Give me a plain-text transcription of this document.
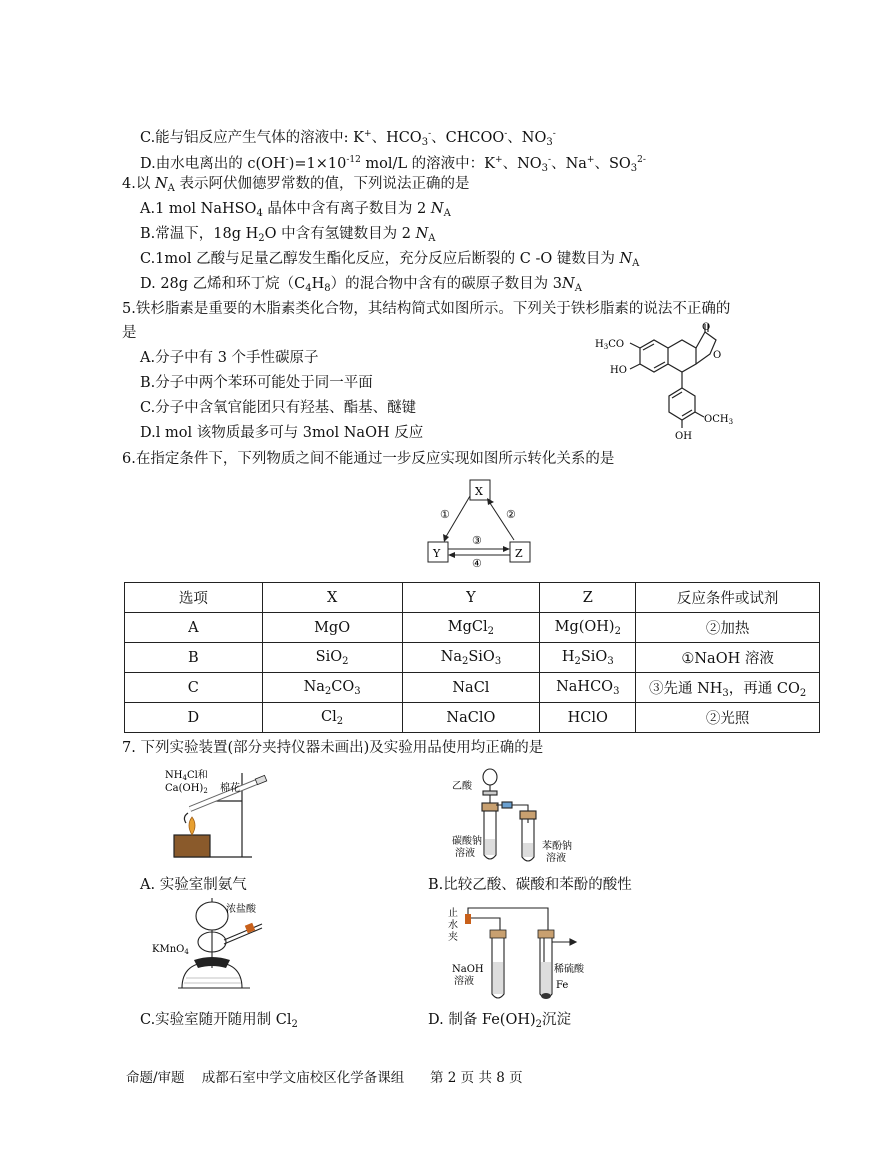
C.能与铝反应产生气体的溶液中: K+、$HCO_3^-$、CHCOO-、$NO_3^-$
D.由水电离出的 $c(OH^-)=1\times 10^{-12}$ mol/L 的溶液中：K+、$NO_3^-$、Na+、$SO_3^{2-}$
4.以 $N_A$ 表示阿伏伽德罗常数的值，下列说法正确的是
A.1 mol NaHSO$_4$ 晶体中含有离子数目为 2 $N_A$
B.常温下，18g $H_2O$ 中含有氢键数目为 2 $N_A$
C.1mol 乙酸与足量乙醇发生酯化反应，充分反应后断裂的 C -O 键数目为 $N_A$
D. 28g 乙烯和环丁烷$(C_4H_8)$的混合物中含有的碳原子数目为 $3N_A$
5.铁杉脂素是重要的木脂素类化合物，其结构简式如图所示。下列关于铁杉脂素的说法不正确的
是
A.分子中有 3 个手性碳原子
B.分子中两个苯环可能处于同一平面
C.分子中含氧官能团只有羟基、酯基、醚键
D.l mol 该物质最多可与 3mol NaOH 反应
O
O
$H_3CO$
HO
$OCH_3$
OH
6.在指定条件下，下列物质之间不能通过一步反应实现如图所示转化关系的是
X
Y	Z
①	②
③
④
选项	X	Y	Z	反应条件或试剂
A	MgO	MgCl$_2$	$Mg(OH)_2$	②加热
B	SiO$_2$	$Na_2SiO_3$	$H_2SiO_3$	①NaOH 溶液
C	$Na_2CO_3$	NaCl	NaHCO$_3$	③先通 $NH_3$，再通 $CO_2$
D	$Cl_2$	NaClO	HClO	②光照
7. 下列实验装置(部分夹持仪器未画出)及实验用品使用均正确的是
$NH_4Cl$和
$Ca(OH)_2$ 棉花
A. 实验室制氨气
乙酸
碳酸钠
溶液
苯酚钠
溶液
B.比较乙酸、碳酸和苯酚的酸性
浓盐酸
KMnO$_4$
C.实验室随开随用制 $Cl_2$
止
水
夹
NaOH
溶液
稀硫酸
Fe
D. 制备 $Fe(OH)_2$沉淀
命题/审题    成都石室中学文庙校区化学备课组 第 2 页 共 8 页
